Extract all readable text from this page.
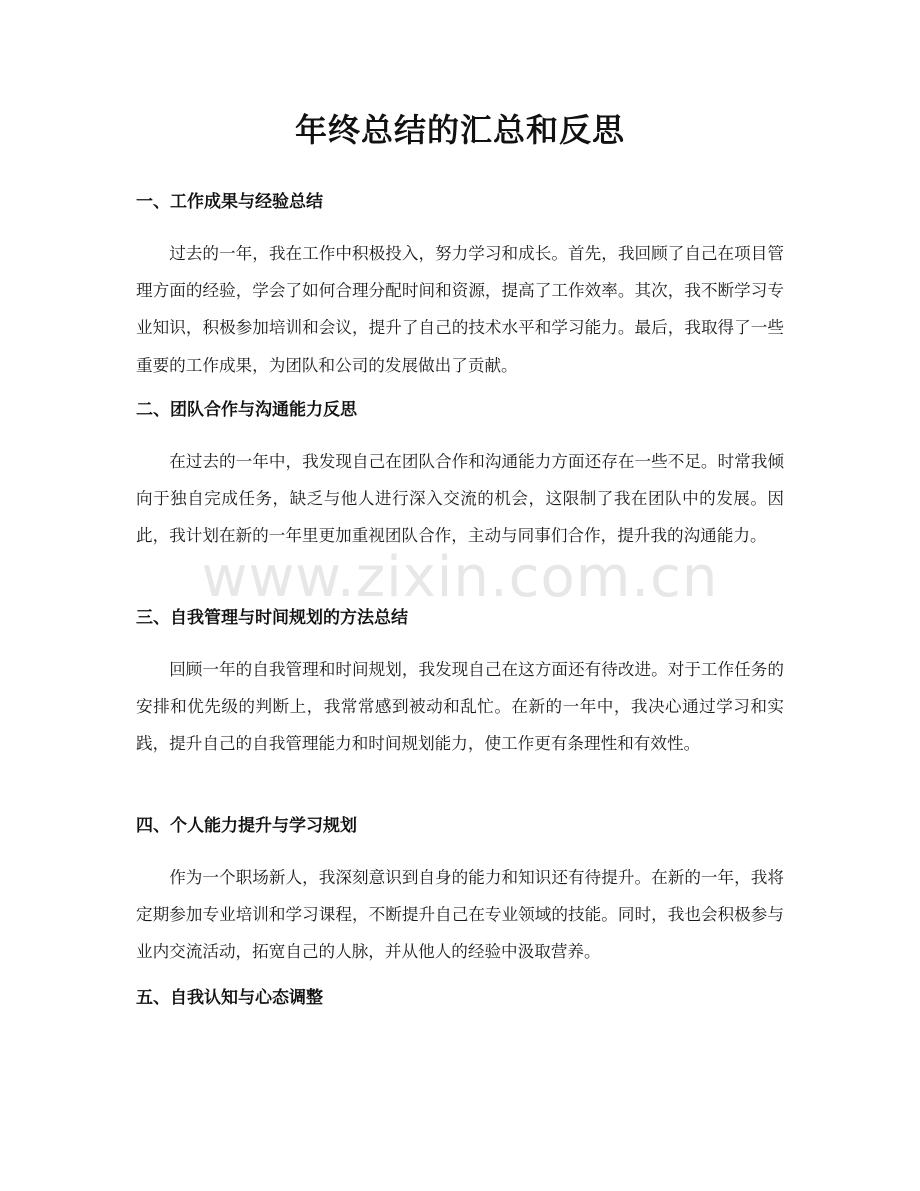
年终总结的汇总和反思
一、工作成果与经验总结

过去的一年，我在工作中积极投入，努力学习和成长。首先，我回顾了自己在项目管理方面的经验，学会了如何合理分配时间和资源，提高了工作效率。其次，我不断学习专业知识，积极参加培训和会议，提升了自己的技术水平和学习能力。最后，我取得了一些重要的工作成果，为团队和公司的发展做出了贡献。

二、团队合作与沟通能力反思

在过去的一年中，我发现自己在团队合作和沟通能力方面还存在一些不足。时常我倾向于独自完成任务，缺乏与他人进行深入交流的机会，这限制了我在团队中的发展。因此，我计划在新的一年里更加重视团队合作，主动与同事们合作，提升我的沟通能力。

三、自我管理与时间规划的方法总结

回顾一年的自我管理和时间规划，我发现自己在这方面还有待改进。对于工作任务的安排和优先级的判断上，我常常感到被动和乱忙。在新的一年中，我决心通过学习和实践，提升自己的自我管理能力和时间规划能力，使工作更有条理性和有效性。

四、个人能力提升与学习规划

作为一个职场新人，我深刻意识到自身的能力和知识还有待提升。在新的一年，我将定期参加专业培训和学习课程，不断提升自己在专业领域的技能。同时，我也会积极参与业内交流活动，拓宽自己的人脉，并从他人的经验中汲取营养。

五、自我认知与心态调整
www.zixin.com.cn
